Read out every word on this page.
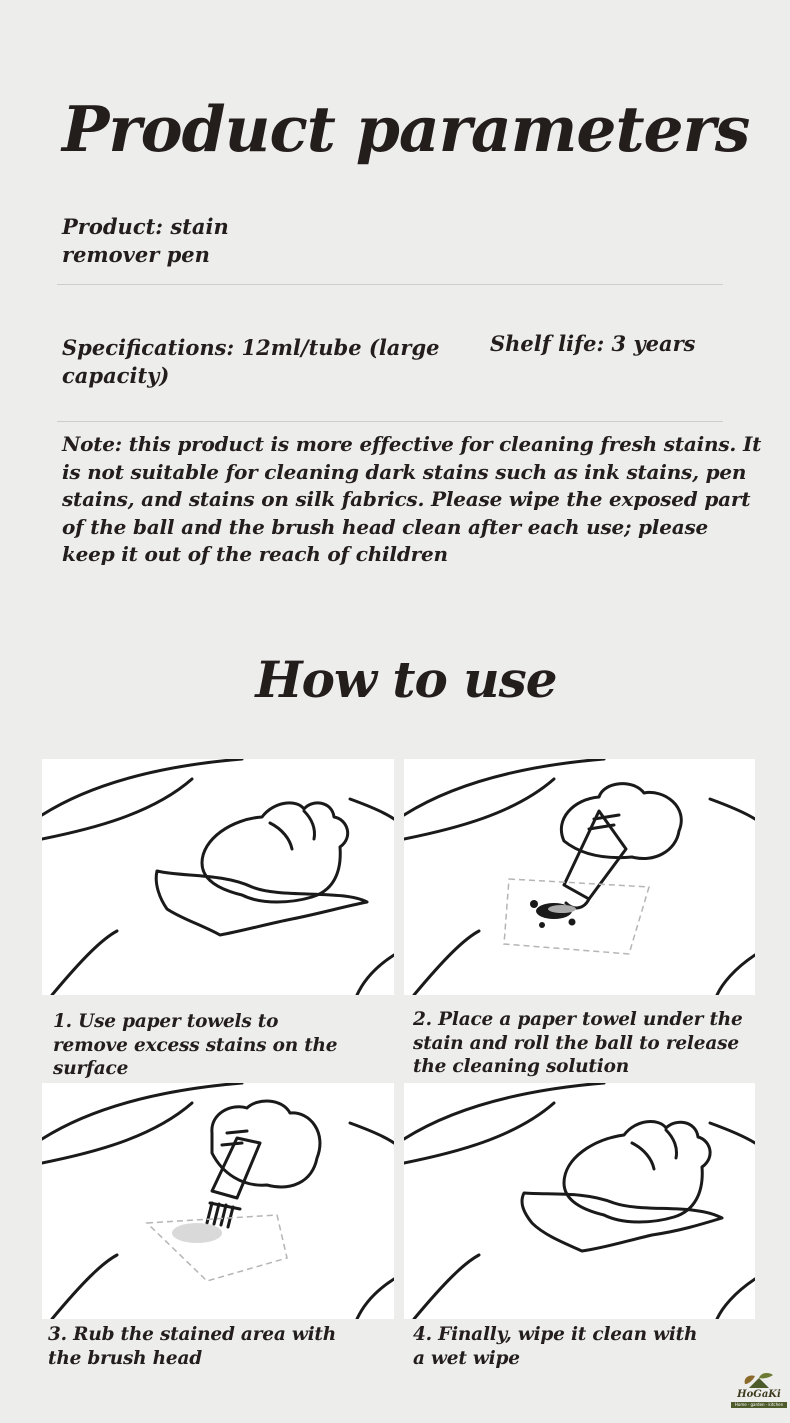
Product parameters
Product: stain remover pen
Specifications: 12ml/tube (large capacity)
Shelf life: 3 years
Note: this product is more effective for cleaning fresh stains. It is not suitable for cleaning dark stains such as ink stains, pen stains, and stains on silk fabrics. Please wipe the exposed part of the ball and the brush head clean after each use; please keep it out of the reach of children
How to use
1. Use paper towels to remove excess stains on the surface
2. Place a paper towel under the stain and roll the ball to release the cleaning solution
3. Rub the stained area with the brush head
4. Finally, wipe it clean with a wet wipe
HoGaKi
Home · garden · kitchen
